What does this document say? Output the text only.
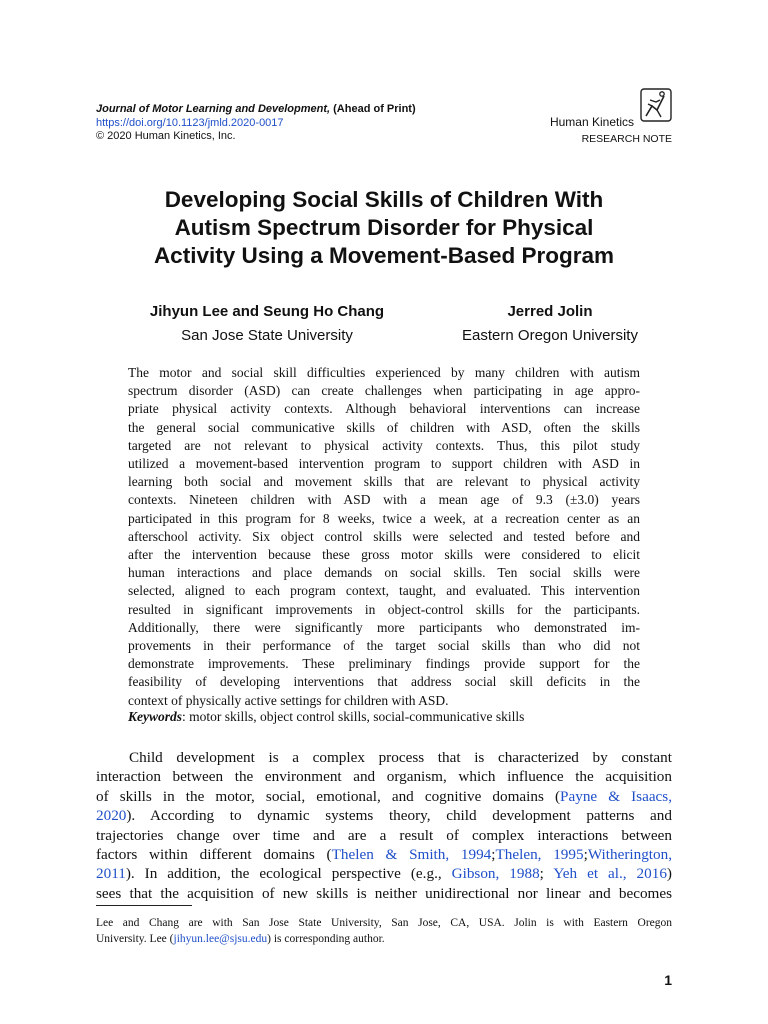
Journal of Motor Learning and Development, (Ahead of Print)
https://doi.org/10.1123/jmld.2020-0017
© 2020 Human Kinetics, Inc.
Human Kinetics
RESEARCH NOTE
Developing Social Skills of Children With
Autism Spectrum Disorder for Physical
Activity Using a Movement-Based Program
Jihyun Lee and Seung Ho Chang
San Jose State University
Jerred Jolin
Eastern Oregon University
The motor and social skill difficulties experienced by many children with autism
spectrum disorder (ASD) can create challenges when participating in age appro-
priate physical activity contexts. Although behavioral interventions can increase
the general social communicative skills of children with ASD, often the skills
targeted are not relevant to physical activity contexts. Thus, this pilot study
utilized a movement-based intervention program to support children with ASD in
learning both social and movement skills that are relevant to physical activity
contexts. Nineteen children with ASD with a mean age of 9.3 (±3.0) years
participated in this program for 8 weeks, twice a week, at a recreation center as an
afterschool activity. Six object control skills were selected and tested before and
after the intervention because these gross motor skills were considered to elicit
human interactions and place demands on social skills. Ten social skills were
selected, aligned to each program context, taught, and evaluated. This intervention
resulted in significant improvements in object-control skills for the participants.
Additionally, there were significantly more participants who demonstrated im-
provements in their performance of the target social skills than who did not
demonstrate improvements. These preliminary findings provide support for the
feasibility of developing interventions that address social skill deficits in the
context of physically active settings for children with ASD.
Keywords: motor skills, object control skills, social-communicative skills
Child development is a complex process that is characterized by constant
interaction between the environment and organism, which influence the acquisition
of skills in the motor, social, emotional, and cognitive domains (Payne & Isaacs,
2020). According to dynamic systems theory, child development patterns and
trajectories change over time and are a result of complex interactions between
factors within different domains (Thelen & Smith, 1994;Thelen, 1995;Witherington,
2011). In addition, the ecological perspective (e.g., Gibson, 1988; Yeh et al., 2016)
sees that the acquisition of new skills is neither unidirectional nor linear and becomes
Lee and Chang are with San Jose State University, San Jose, CA, USA. Jolin is with Eastern Oregon
University. Lee (jihyun.lee@sjsu.edu) is corresponding author.
1
